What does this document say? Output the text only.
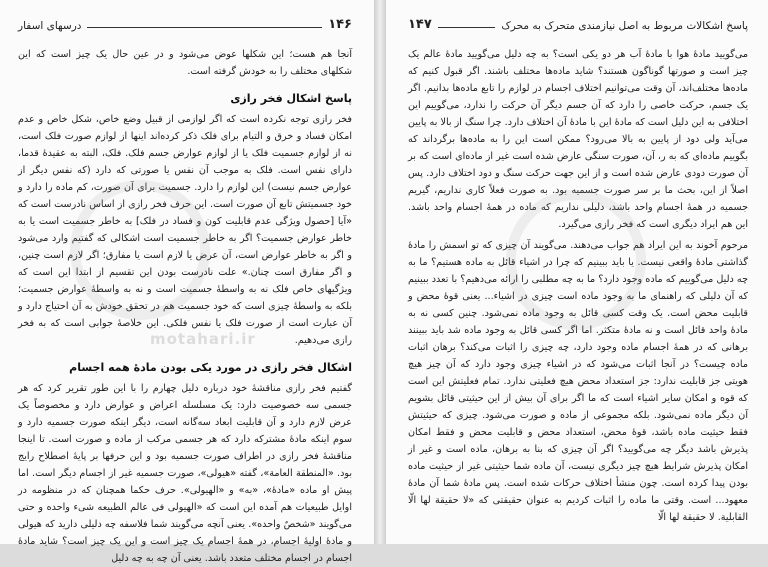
motahari.ir
۱۴۶
درسهای اسفار

آنجا هم هست؛ این شکلها عوض می‌شود و در عین حال یک چیز است که این شکلهای مختلف را به خودش گرفته است.

پاسخ اشکال فخر رازی

فخر رازی توجه نکرده است که اگر لوازمی از قبیل وضع خاص، شکل خاص و عدم امکان فساد و خرق و التیام برای فلک ذکر کرده‌اند اینها از لوازم صورت فلک است، نه از لوازم جسمیت فلک یا از لوازم عوارض جسم فلک. فلک، البته به عقیدهٔ قدما، دارای نفس است. فلک به موجب آن نفس یا صورتی که دارد (که نفس دیگر از عوارض جسم نیست) این لوازم را دارد. جسمیت برای آن صورت، کم ماده را دارد و خود جسمیتش تابع آن صورت است. این حرف فخر رازی از اساس نادرست است که «آیا [حصول ویژگی عدم قابلیت کون و فساد در فلک] به خاطر جسمیت است یا به خاطر عوارض جسمیت؟ اگر به خاطر جسمیت است اشکالی که گفتیم وارد می‌شود و اگر به خاطر عوارض است، آن عرض یا لازم است یا مفارق؛ اگر لازم است چنین، و اگر مفارق است چنان.» علت نادرست بودن این تقسیم از ابتدا این است که ویژگیهای خاص فلک نه به واسطهٔ جسمیت است و نه به واسطهٔ عوارض جسمیت؛ بلکه به واسطهٔ چیزی است که خود جسمیت هم در تحقق خودش به آن احتیاج دارد و آن عبارت است از صورت فلک یا نفس فلکی. این خلاصهٔ جوابی است که به فخر رازی می‌دهیم.

اشکال فخر رازی در مورد یکی بودن مادهٔ همه اجسام

گفتیم فخر رازی مناقشهٔ خود درباره دلیل چهارم را با این طور تقریر کرد که هر جسمی سه خصوصیت دارد: یک مسلسله اعراض و عوارض دارد و مخصوصاً یک عرض لازم دارد و آن قابلیت ابعاد سه‌گانه است، دیگر اینکه صورت جسمیه دارد و سوم اینکه مادهٔ مشترکه دارد که هر جسمی مرکب از ماده و صورت است. تا اینجا مناقشهٔ فخر رازی در اطراف صورت جسمیه بود و این حرفها بر پایهٔ اصطلاح رایج بود. «المنطقة العامة»، گفته «هیولی»، صورت جسمیه غیر از اجسام دیگر است. اما پیش او ماده «مادهٔ»، «به» و «الهیولی». حرف حکما همچنان که در منظومه در اوایل طبیعیات هم آمده این است که «الهیولی فی عالم الطبیعه شیء واحده و حتی می‌گویند «شخصٌ واحده». یعنی آنچه می‌گویند شما فلاسفه چه دلیلی دارید که هیولی و مادهٔ اولیهٔ اجسام، در همهٔ اجسام یک چیز است و این یک چیز است؟ شاید مادهٔ اجسام در اجسام مختلف متعدد باشد. یعنی آن چه به چه دلیل

پاسخ اشکالات مربوط به اصل نیازمندی متحرک به محرک
۱۴۷

می‌گویید مادهٔ هوا با مادهٔ آب هر دو یکی است؟ به چه دلیل می‌گویید مادهٔ عالم یک چیز است و صورتها گوناگون هستند؟ شاید ماده‌ها مختلف باشند. اگر قبول کنیم که ماده‌ها مختلف‌اند، آن وقت می‌توانیم اختلاف اجسام در لوازم را تابع ماده‌ها بدانیم. اگر یک جسم، حرکت خاصی را دارد که آن جسم دیگر آن حرکت را ندارد، می‌گوییم این اختلافی به این دلیل است که مادهٔ این با مادهٔ آن اختلاف دارد. چرا سنگ از بالا به پایین می‌آید ولی دود از پایین به بالا می‌رود؟ ممکن است این را به ماده‌ها برگرداند که بگوییم ماده‌ای که به ر، آن، صورت سنگی عارض شده است غیر از ماده‌ای است که بر آن صورت دودی عارض شده است و از این جهت حرکت سنگ و دود اختلاف دارد. پس اصلاً از این، بحث ما بر سر صورت جسمیه بود. به صورت فعلاً کاری نداریم، گیریم جسمیه در همهٔ اجسام واحد باشد، دلیلی نداریم که ماده در همهٔ اجسام واحد باشد. این هم ایراد دیگری است که فخر رازی می‌گیرد.

مرحوم آخوند به این ایراد هم جواب می‌دهند. می‌گویند آن چیزی که تو اسمش را مادهٔ گذاشتی مادهٔ واقعی نیست. یا باید ببینیم که چرا در اشیاء قائل به ماده هستیم؟ ما به چه دلیل می‌گوییم که ماده وجود دارد؟ ما به چه مطلبی را ارائه می‌دهیم؟ با تعدد ببینیم که آن دلیلی که راهنمای ما به وجود ماده است چیزی در اشیاء... یعنی قوهٔ محض و قابلیت محض است. یک وقت کسی قائل به وجود ماده نمی‌شود. چنین کسی نه به مادهٔ واحد قائل است و نه مادهٔ متکثر. اما اگر کسی قائل به وجود ماده شد باید ببینند برهانی که در همهٔ اجسام ماده وجود دارد، چه چیزی را اثبات می‌کند؟ برهان اثبات ماده چیست؟ در آنجا اثبات می‌شود که در اشیاء چیزی وجود دارد که آن چیز هیچ هویتی جز قابلیت ندارد: جز استعداد محض هیچ فعلیتی ندارد. تمام فعلیتش این است که قوه و امکان سایر اشیاء است که ما اگر برای آن بیش از این حیثیتی قائل بشویم آن دیگر ماده نمی‌شود. بلکه مجموعی از ماده و صورت می‌شود. چیزی که حیثیتش فقط حیثیت ماده باشد، قوهٔ محض، استعداد محض و قابلیت محض و فقط امکان پذیرش باشد دیگر چه می‌گویید؟ اگر آن چیزی که بنا به برهان، ماده است و غیر از امکان پذیرش شرایط هیچ چیز دیگری نیست، آن ماده شما حیثیتی غیر از حیثیت ماده بودن پیدا کرده است. چون منشأ اختلاف حرکات شده است. پس مادهٔ شما آن مادهٔ معهود... است. وقتی ما ماده را اثبات کردیم به عنوان حقیقتی که «لا حقیقة لها الّا القابلیة. لا حقیقة لها الّا
